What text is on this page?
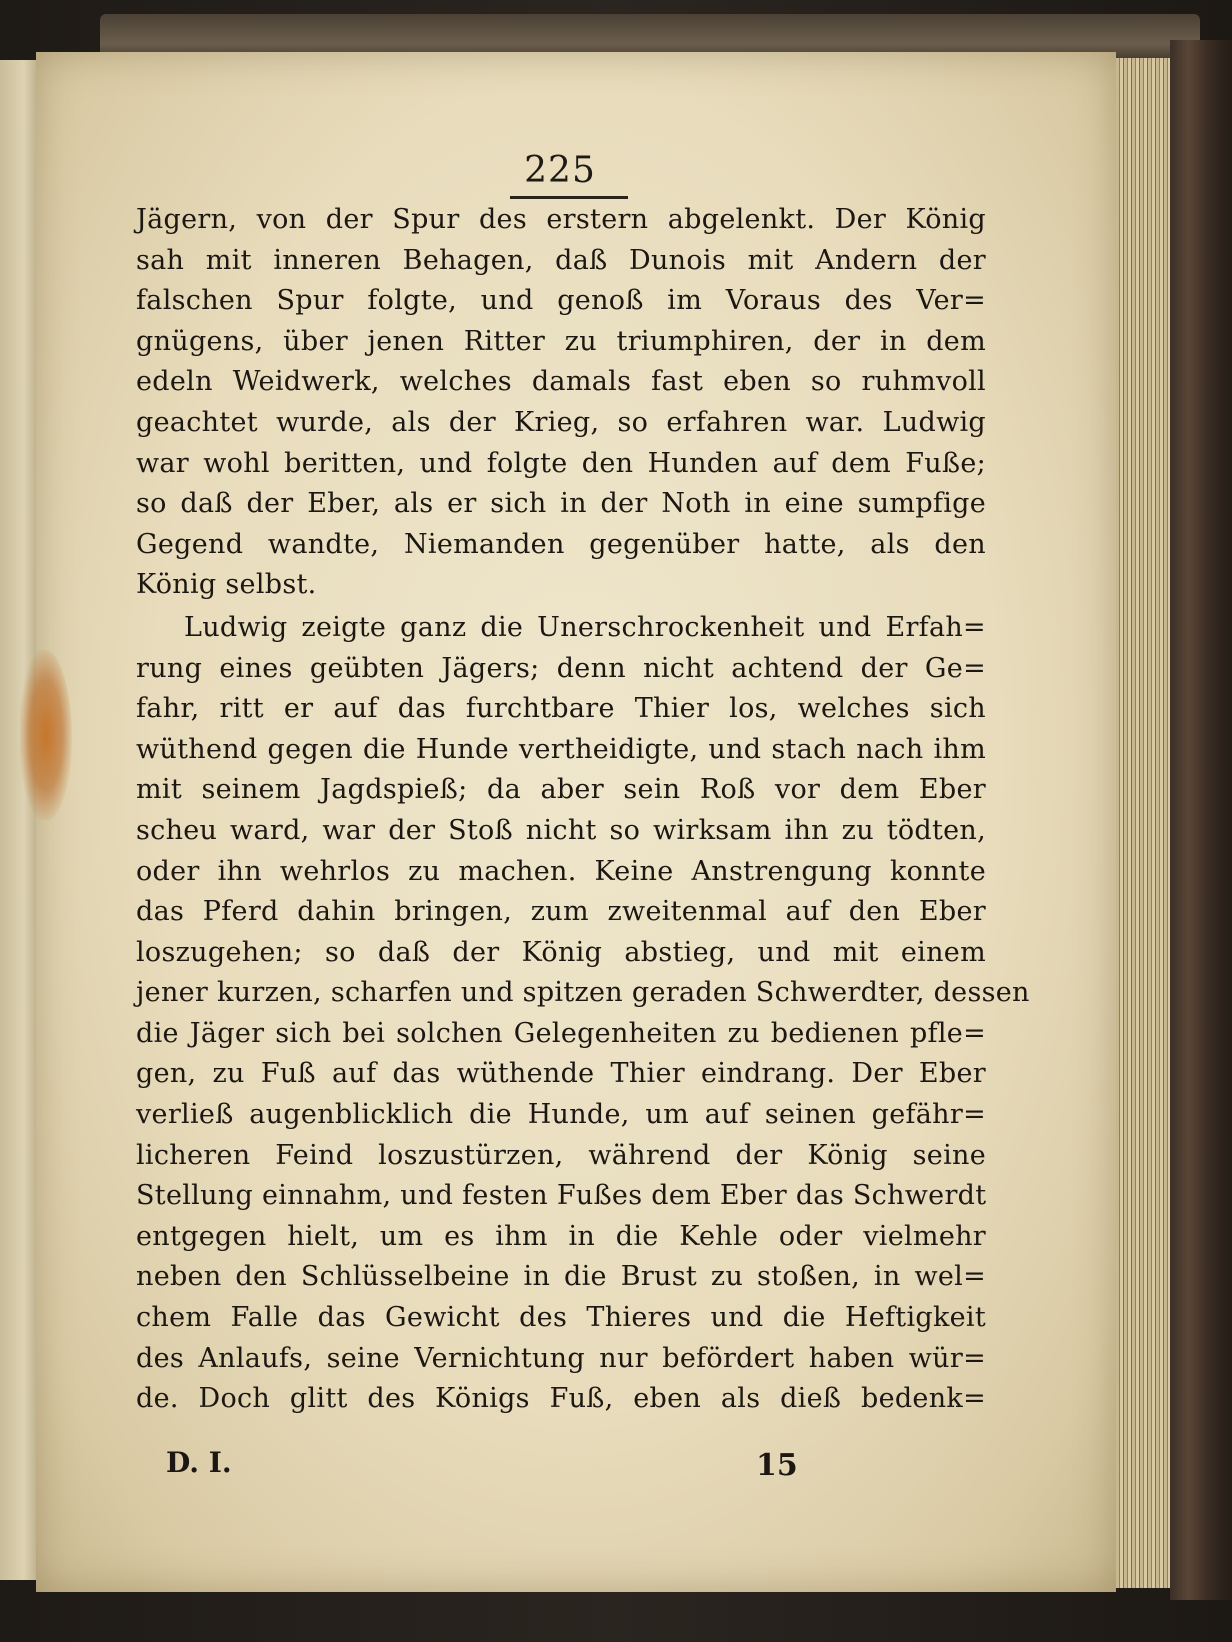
225
Jägern, von der Spur des erstern abgelenkt. Der König
sah mit inneren Behagen, daß Dunois mit Andern der
falschen Spur folgte, und genoß im Voraus des Ver=
gnügens, über jenen Ritter zu triumphiren, der in dem
edeln Weidwerk, welches damals fast eben so ruhmvoll
geachtet wurde, als der Krieg, so erfahren war. Ludwig
war wohl beritten, und folgte den Hunden auf dem Fuße;
so daß der Eber, als er sich in der Noth in eine sumpfige
Gegend wandte, Niemanden gegenüber hatte, als den
König selbst.
Ludwig zeigte ganz die Unerschrockenheit und Erfah=
rung eines geübten Jägers; denn nicht achtend der Ge=
fahr, ritt er auf das furchtbare Thier los, welches sich
wüthend gegen die Hunde vertheidigte, und stach nach ihm
mit seinem Jagdspieß; da aber sein Roß vor dem Eber
scheu ward, war der Stoß nicht so wirksam ihn zu tödten,
oder ihn wehrlos zu machen. Keine Anstrengung konnte
das Pferd dahin bringen, zum zweitenmal auf den Eber
loszugehen; so daß der König abstieg, und mit einem
jener kurzen, scharfen und spitzen geraden Schwerdter, dessen
die Jäger sich bei solchen Gelegenheiten zu bedienen pfle=
gen, zu Fuß auf das wüthende Thier eindrang. Der Eber
verließ augenblicklich die Hunde, um auf seinen gefähr=
licheren Feind loszustürzen, während der König seine
Stellung einnahm, und festen Fußes dem Eber das Schwerdt
entgegen hielt, um es ihm in die Kehle oder vielmehr
neben den Schlüsselbeine in die Brust zu stoßen, in wel=
chem Falle das Gewicht des Thieres und die Heftigkeit
des Anlaufs, seine Vernichtung nur befördert haben wür=
de. Doch glitt des Königs Fuß, eben als dieß bedenk=
D. I.	15
